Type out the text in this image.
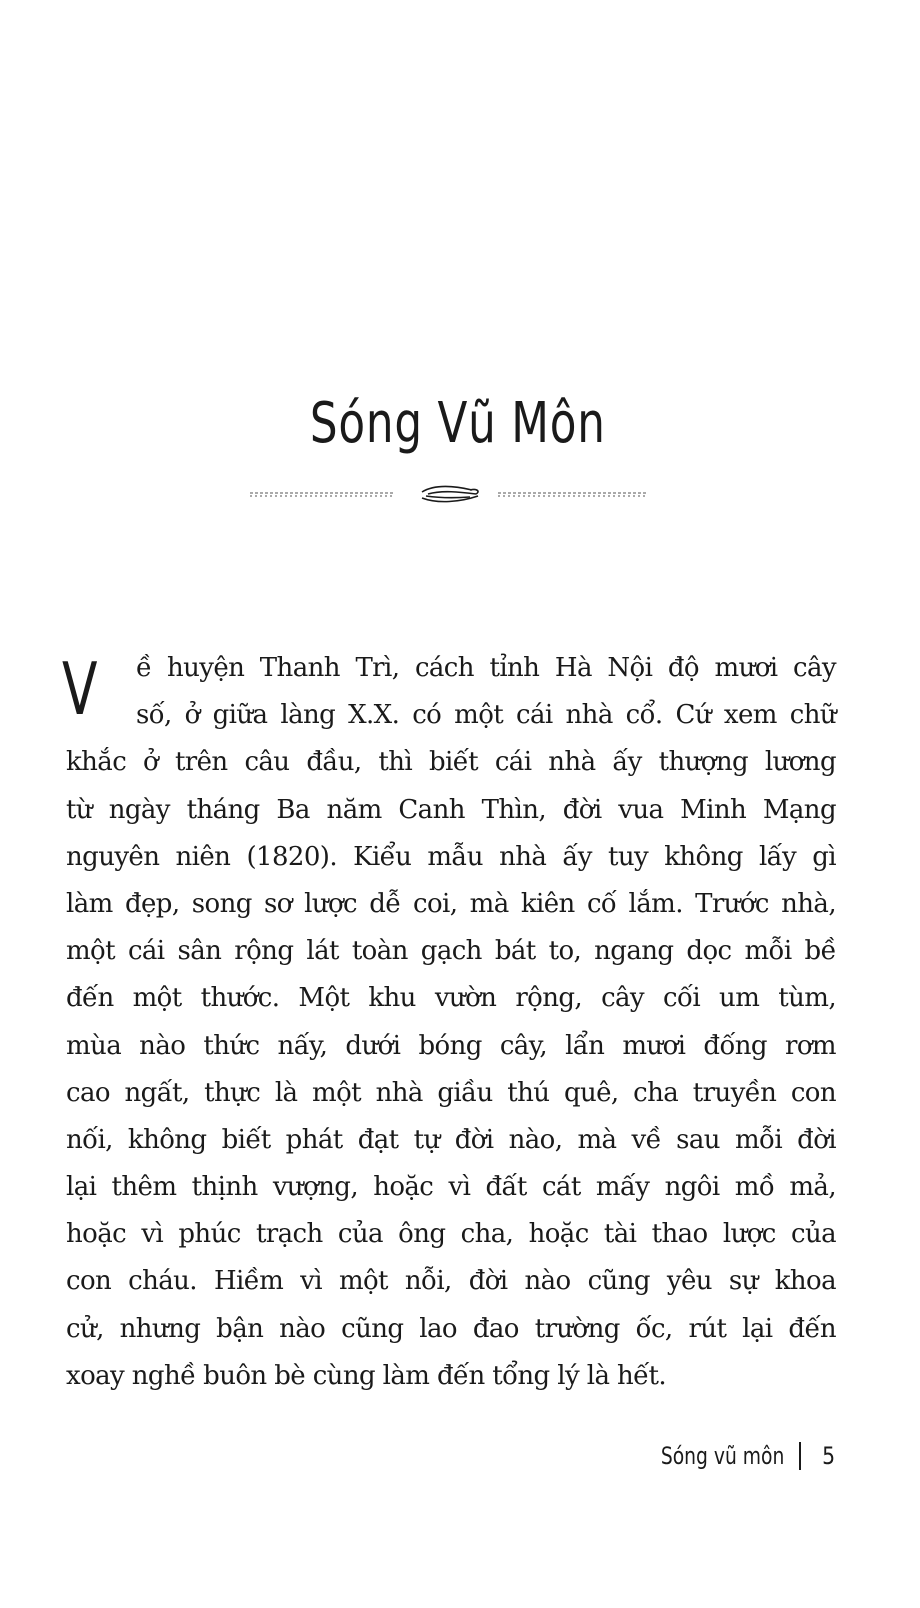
Sóng Vũ Môn
V ề huyện Thanh Trì, cách tỉnh Hà Nội độ mươi cây
số, ở giữa làng X.X. có một cái nhà cổ. Cứ xem chữ
khắc ở trên câu đầu, thì biết cái nhà ấy thượng lương
từ ngày tháng Ba năm Canh Thìn, đời vua Minh Mạng
nguyên niên (1820). Kiểu mẫu nhà ấy tuy không lấy gì
làm đẹp, song sơ lược dễ coi, mà kiên cố lắm. Trước nhà,
một cái sân rộng lát toàn gạch bát to, ngang dọc mỗi bề
đến một thước. Một khu vườn rộng, cây cối um tùm,
mùa nào thức nấy, dưới bóng cây, lẩn mươi đống rơm
cao ngất, thực là một nhà giầu thú quê, cha truyền con
nối, không biết phát đạt tự đời nào, mà về sau mỗi đời
lại thêm thịnh vượng, hoặc vì đất cát mấy ngôi mồ mả,
hoặc vì phúc trạch của ông cha, hoặc tài thao lược của
con cháu. Hiềm vì một nỗi, đời nào cũng yêu sự khoa
cử, nhưng bận nào cũng lao đao trường ốc, rút lại đến
xoay nghề buôn bè cùng làm đến tổng lý là hết.
Sóng vũ môn 5
